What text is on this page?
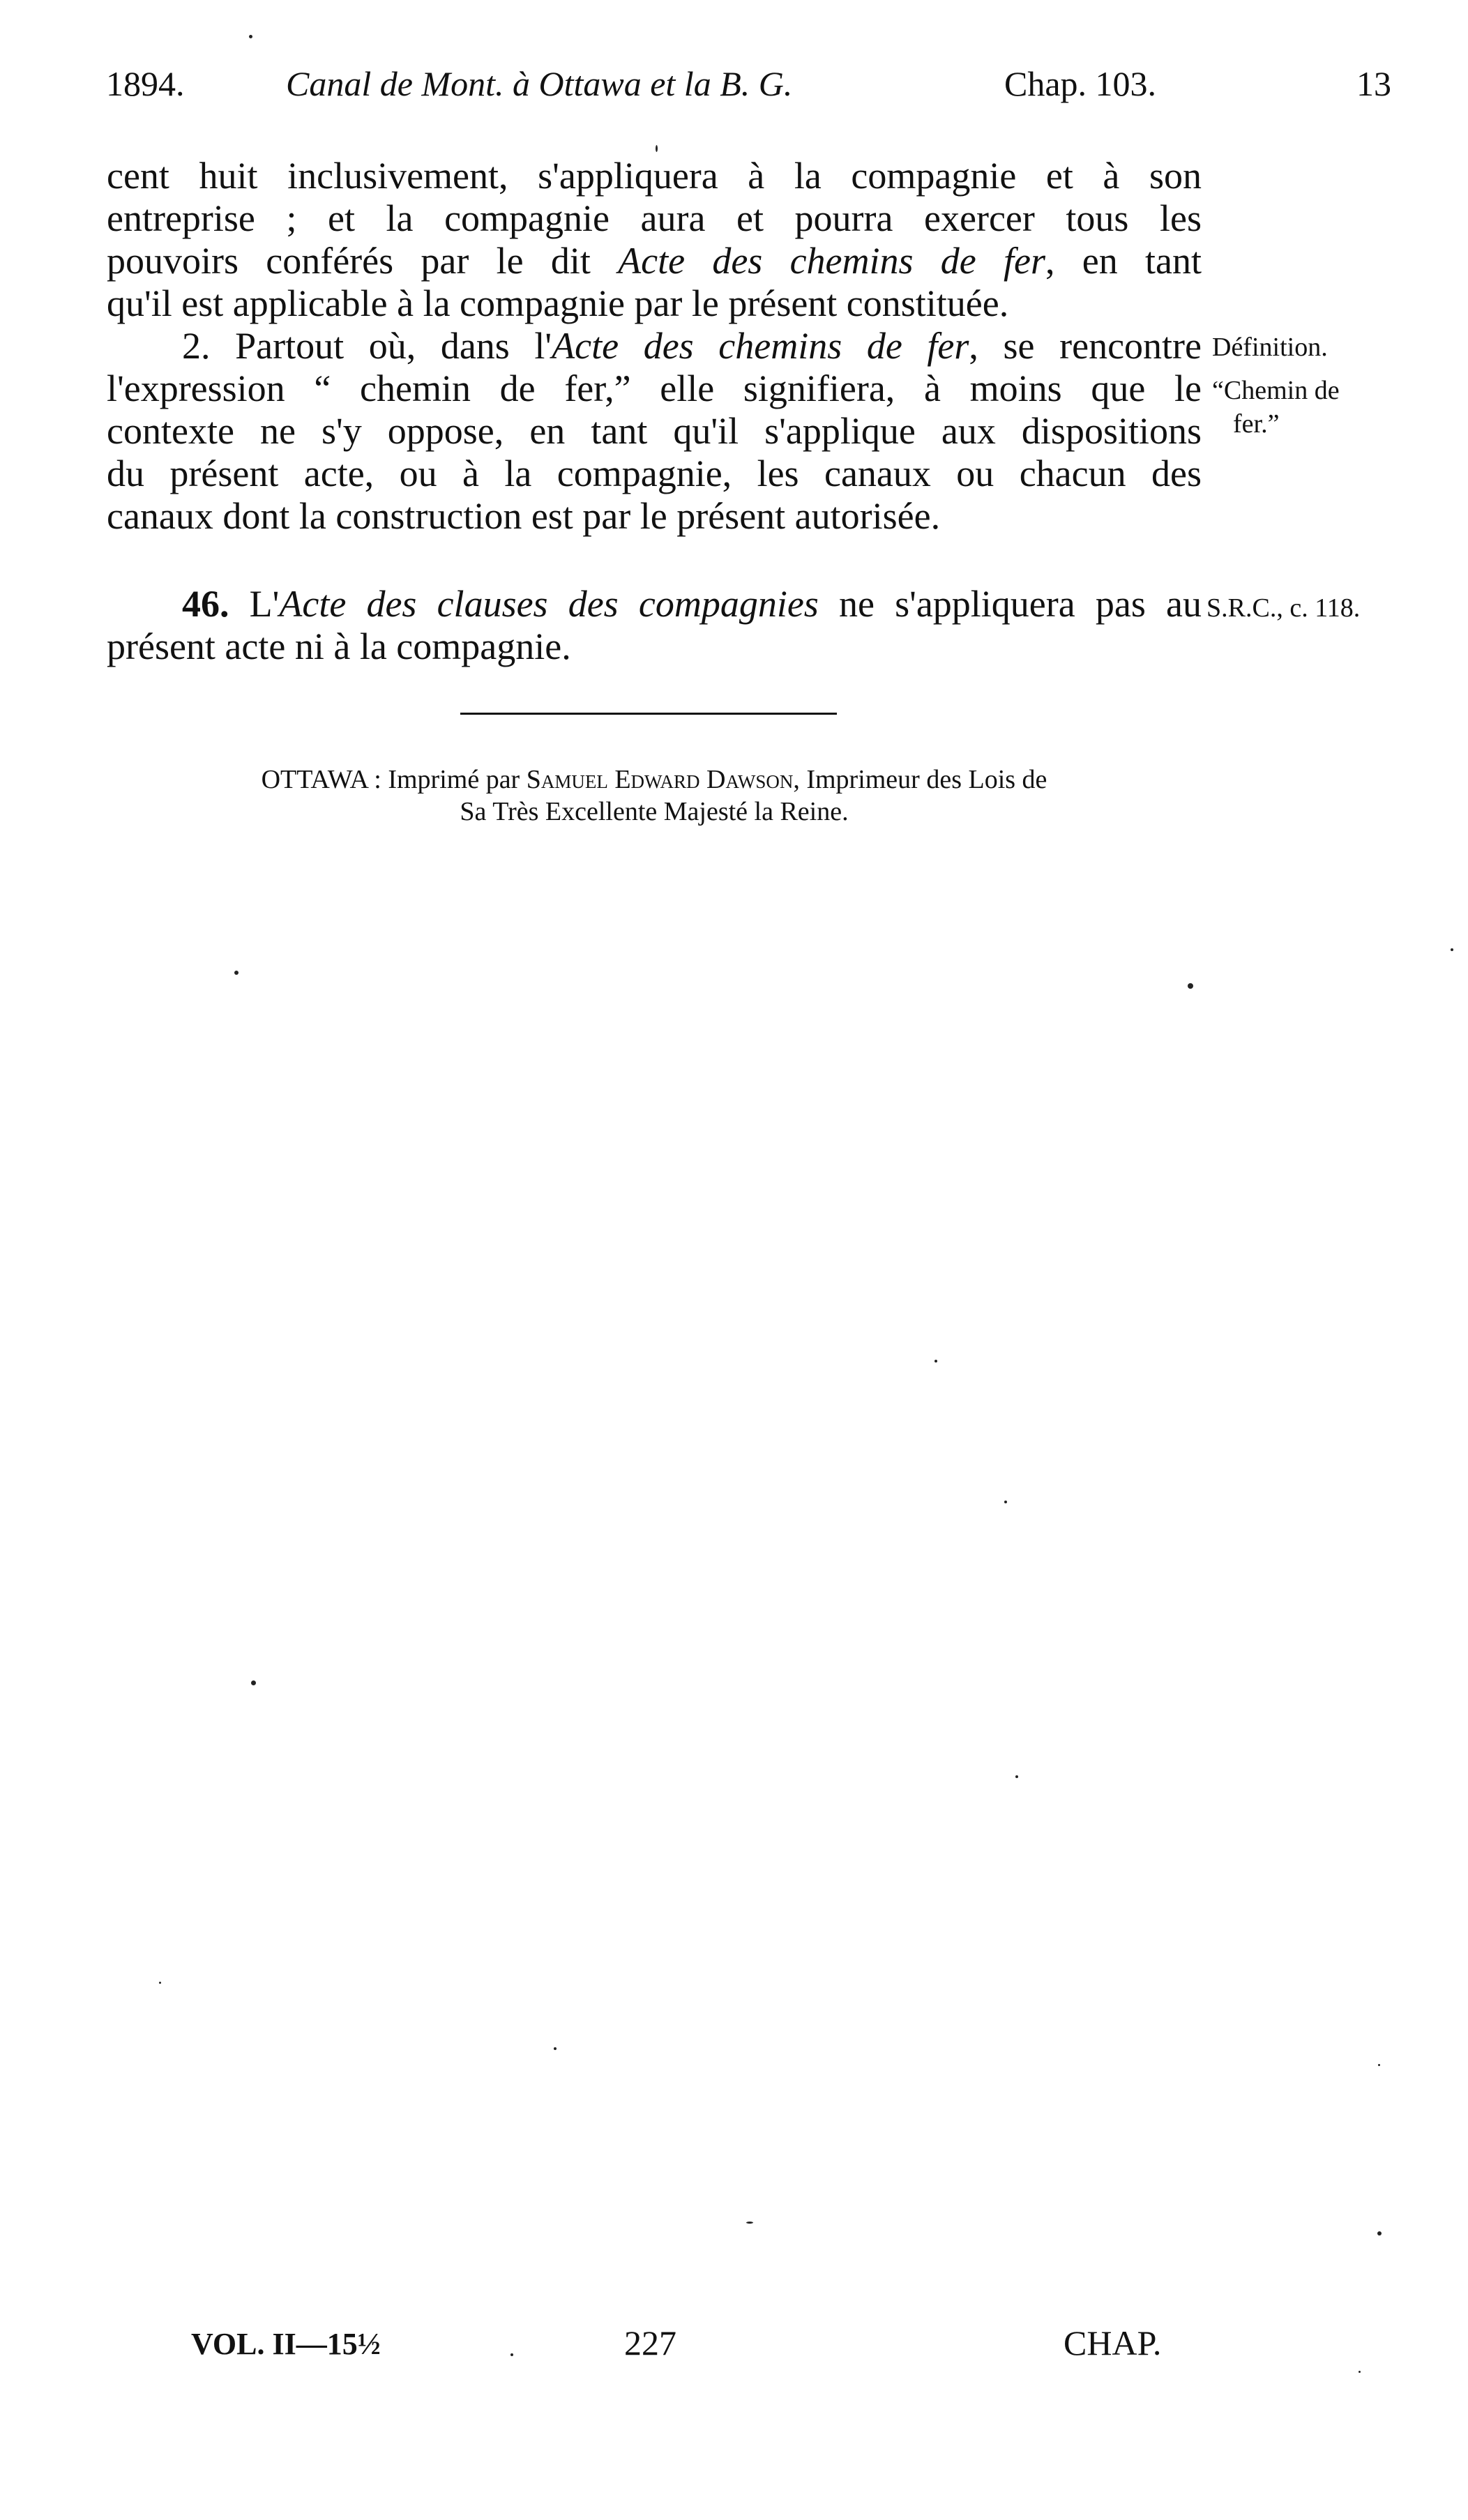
1894.	Canal de Mont. à Ottawa et la B. G.	Chap. 103.	13
cent huit inclusivement, s'appliquera à la compagnie et à son
entreprise ; et la compagnie aura et pourra exercer tous les
pouvoirs conférés par le dit Acte des chemins de fer, en tant
qu'il est applicable à la compagnie par le présent constituée.
2. Partout où, dans l'Acte des chemins de fer, se rencontre
l'expression “ chemin de fer,” elle signifiera, à moins que le
contexte ne s'y oppose, en tant qu'il s'applique aux dispositions
du présent acte, ou à la compagnie, les canaux ou chacun des
canaux dont la construction est par le présent autorisée.
46. L'Acte des clauses des compagnies ne s'appliquera pas au
présent acte ni à la compagnie.
Définition.
“Chemin de
fer.”
S.R.C., c. 118.
OTTAWA : Imprimé par Samuel Edward Dawson, Imprimeur des Lois de
Sa Très Excellente Majesté la Reine.
VOL. II—15½	227	CHAP.
